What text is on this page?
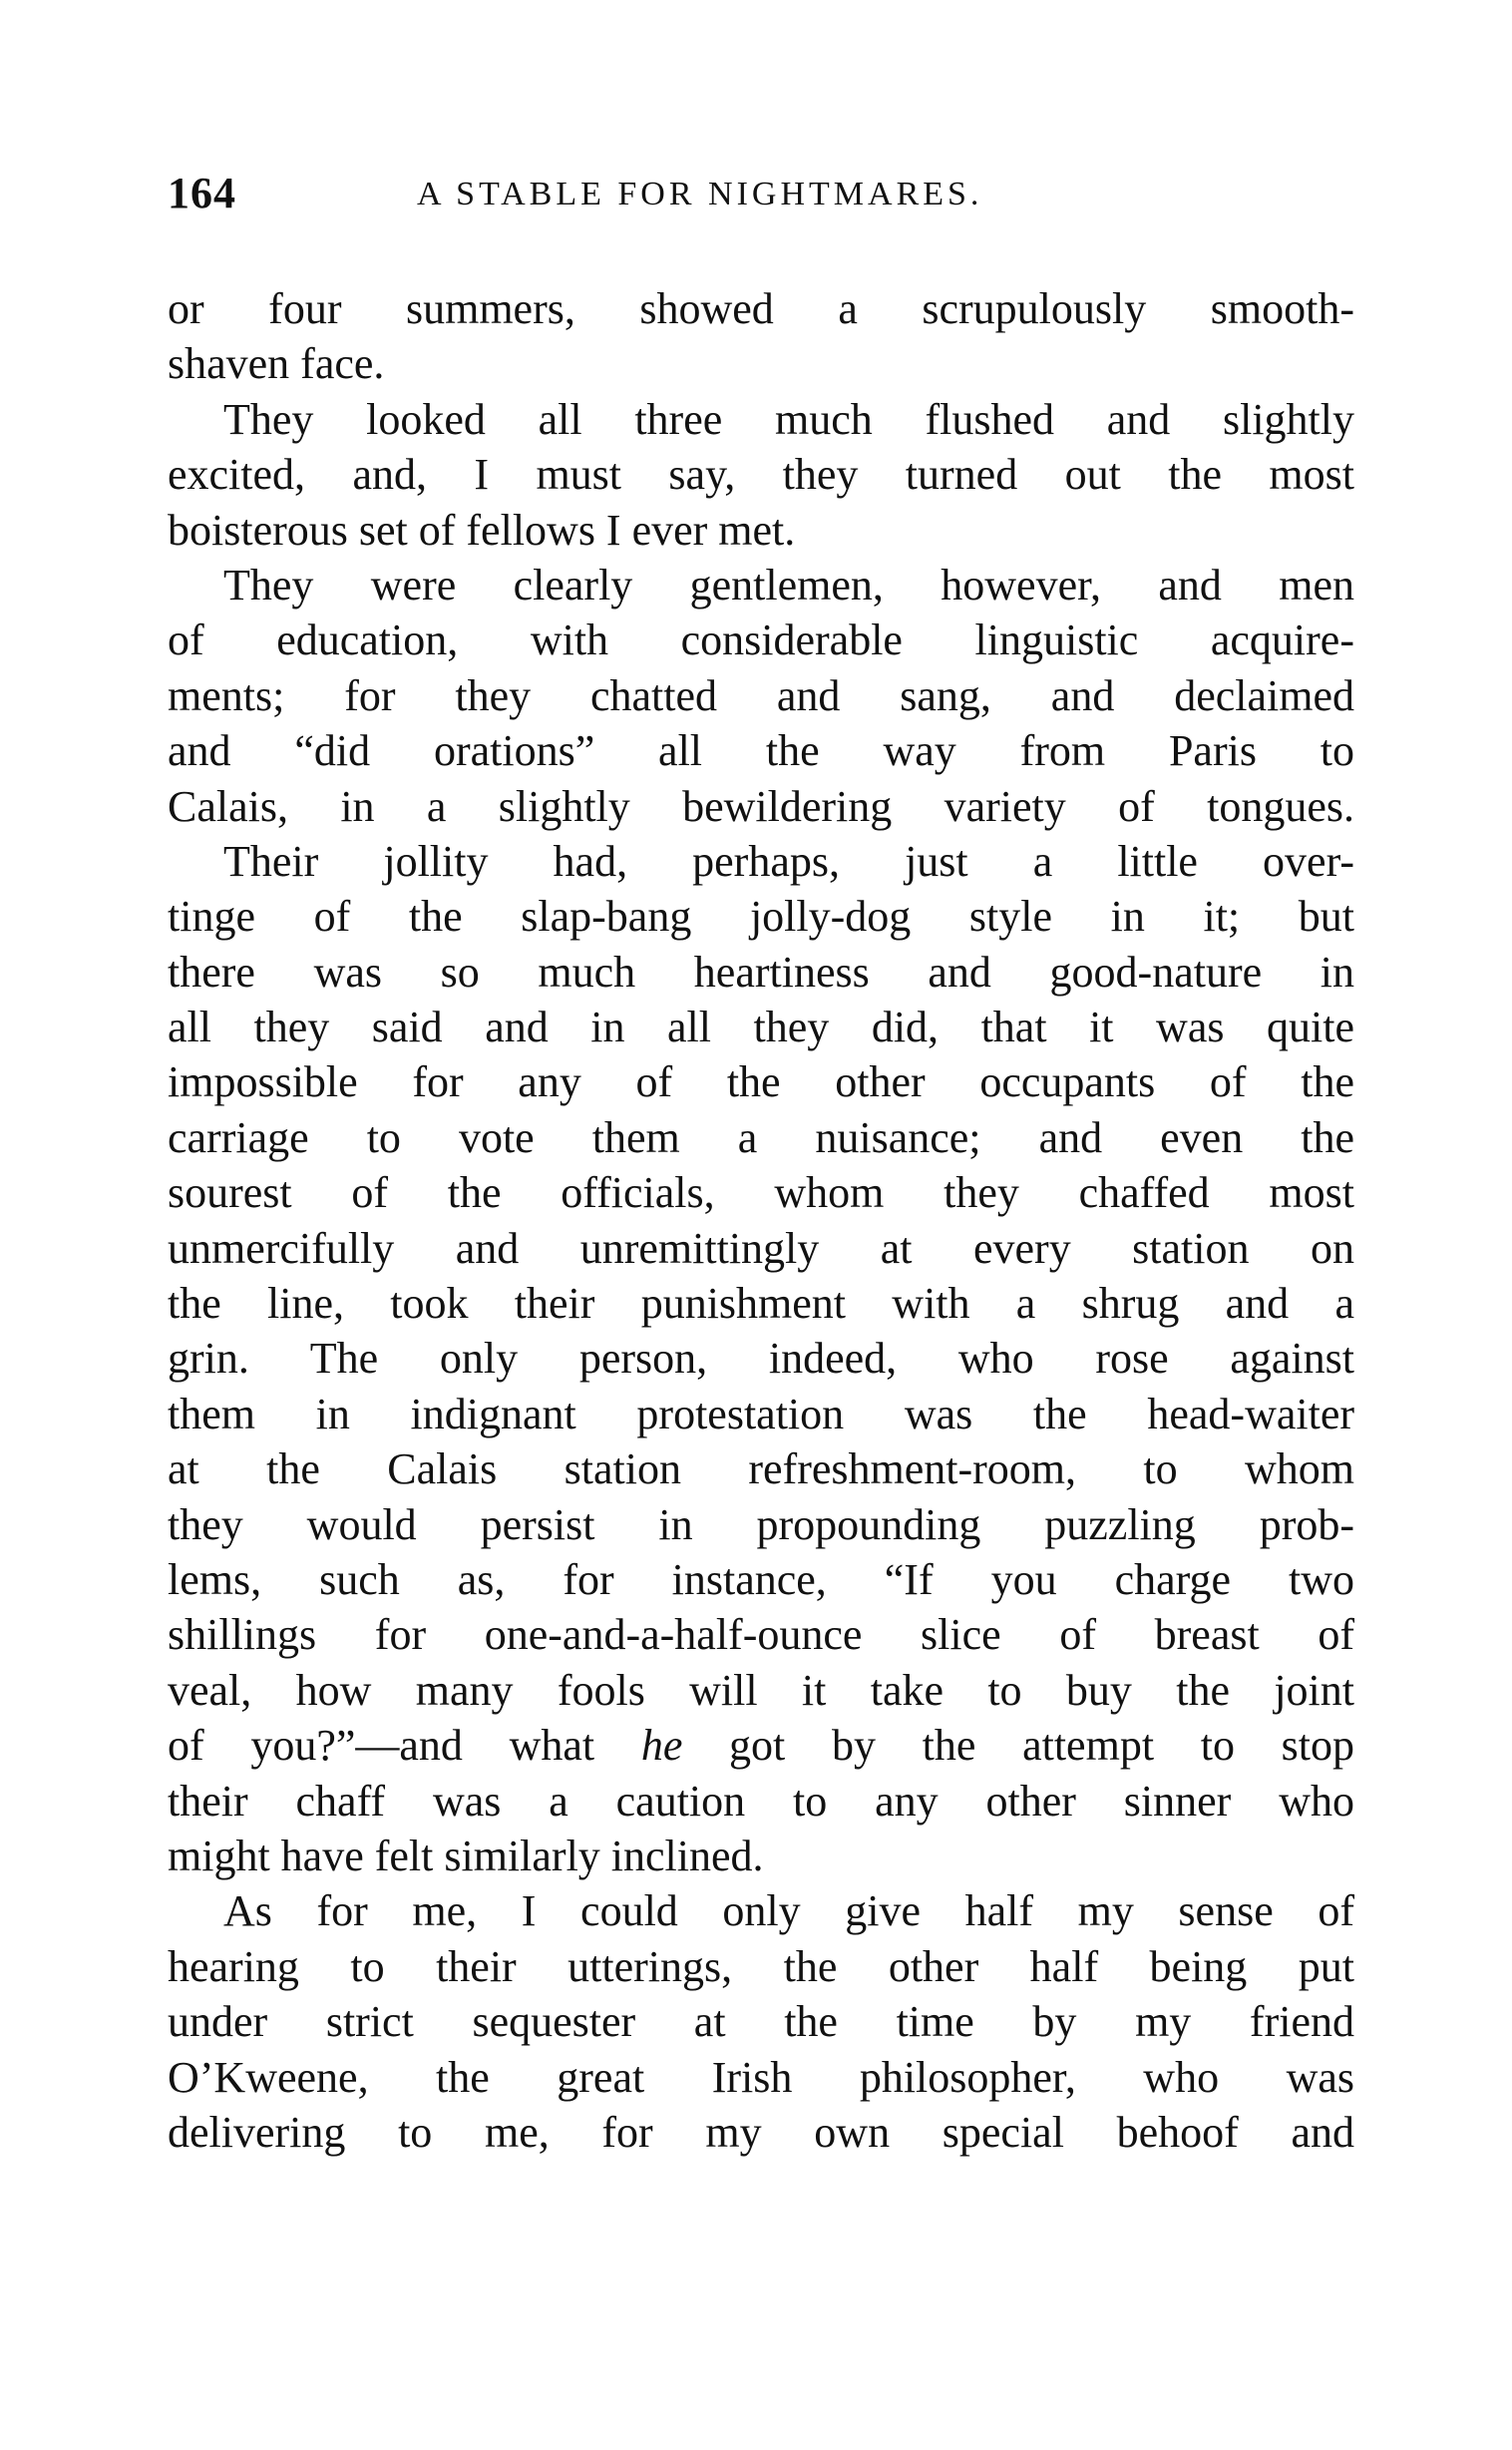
164	A STABLE FOR NIGHTMARES.
or four summers, showed a scrupulously smooth-
shaven face.
They looked all three much flushed and slightly
excited, and, I must say, they turned out the most
boisterous set of fellows I ever met.
They were clearly gentlemen, however, and men
of education, with considerable linguistic acquire-
ments; for they chatted and sang, and declaimed
and “did orations” all the way from Paris to
Calais, in a slightly bewildering variety of tongues.
Their jollity had, perhaps, just a little over-
tinge of the slap-bang jolly-dog style in it; but
there was so much heartiness and good-nature in
all they said and in all they did, that it was quite
impossible for any of the other occupants of the
carriage to vote them a nuisance; and even the
sourest of the officials, whom they chaffed most
unmercifully and unremittingly at every station on
the line, took their punishment with a shrug and a
grin. The only person, indeed, who rose against
them in indignant protestation was the head-waiter
at the Calais station refreshment-room, to whom
they would persist in propounding puzzling prob-
lems, such as, for instance, “If you charge two
shillings for one-and-a-half-ounce slice of breast of
veal, how many fools will it take to buy the joint
of you?”—and what he got by the attempt to stop
their chaff was a caution to any other sinner who
might have felt similarly inclined.
As for me, I could only give half my sense of
hearing to their utterings, the other half being put
under strict sequester at the time by my friend
O’Kweene, the great Irish philosopher, who was
delivering to me, for my own special behoof and
